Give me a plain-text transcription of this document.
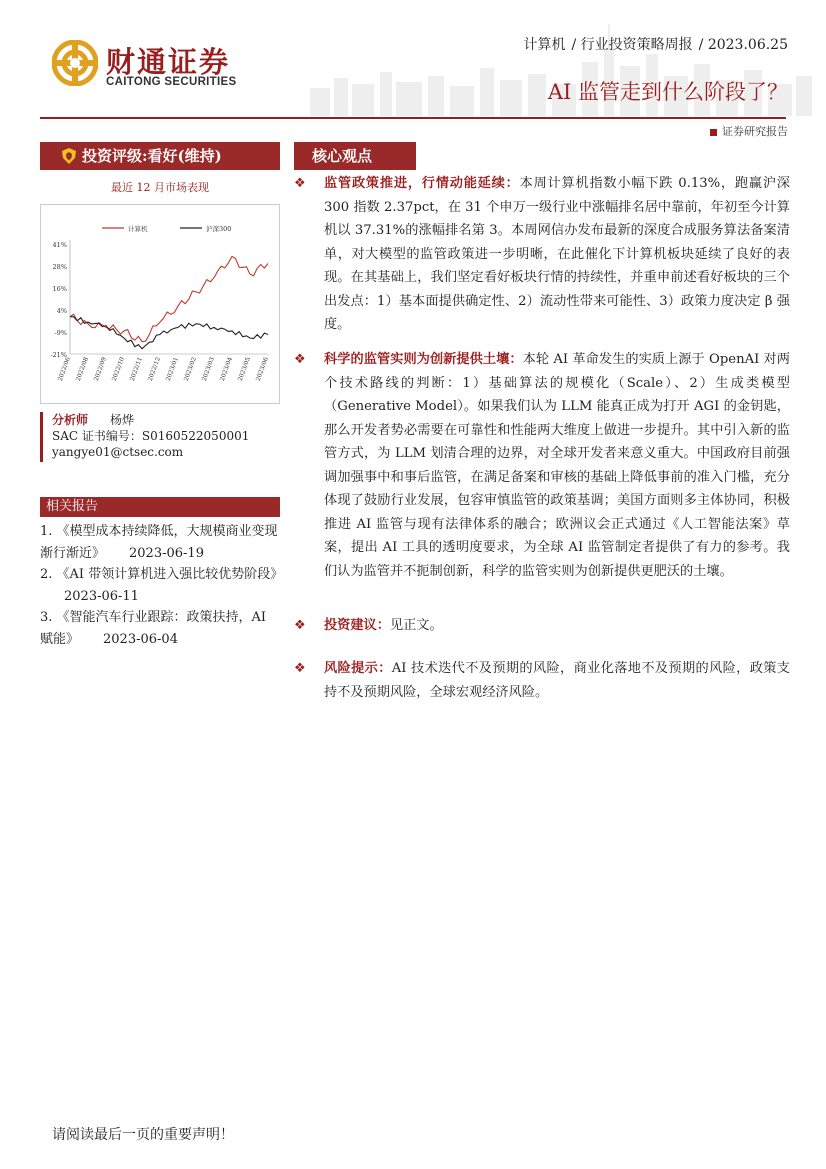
财通证券
CAITONG SECURITIES
计算机 / 行业投资策略周报 / 2023.06.25
AI 监管走到什么阶段了？
证券研究报告
投资评级:看好(维持)
最近 12 月市场表现
41%
28%
16%
4%
-9%
-21%
2022/06 2022/08 2022/09 2022/10 2022/11 2022/12 2023/01 2023/02 2023/03 2023/04 2023/05 2023/06
计算机	沪深300
分析师 杨烨
SAC 证书编号：S0160522050001
yangye01@ctsec.com
相关报告
1. 《模型成本持续降低，大规模商业变现渐行渐近》 2023-06-19
2. 《AI 带领计算机进入强比较优势阶段》2023-06-11
3. 《智能汽车行业跟踪：政策扶持，AI 赋能》 2023-06-04
核心观点
❖ 监管政策推进，行情动能延续：本周计算机指数小幅下跌 0.13%，跑赢沪深 300 指数 2.37pct，在 31 个申万一级行业中涨幅排名居中靠前，年初至今计算机以 37.31%的涨幅排名第 3。本周网信办发布最新的深度合成服务算法备案清单，对大模型的监管政策进一步明晰，在此催化下计算机板块延续了良好的表现。在其基础上，我们坚定看好板块行情的持续性，并重申前述看好板块的三个出发点：1）基本面提供确定性、2）流动性带来可能性、3）政策力度决定 β 强度。
❖ 科学的监管实则为创新提供土壤：本轮 AI 革命发生的实质上源于 OpenAI 对两个技术路线的判断：1）基础算法的规模化（Scale）、2）生成类模型（Generative Model）。如果我们认为 LLM 能真正成为打开 AGI 的金钥匙，那么开发者势必需要在可靠性和性能两大维度上做进一步提升。其中引入新的监管方式，为 LLM 划清合理的边界，对全球开发者来意义重大。中国政府目前强调加强事中和事后监管，在满足备案和审核的基础上降低事前的准入门槛，充分体现了鼓励行业发展，包容审慎监管的政策基调；美国方面则多主体协同，积极推进 AI 监管与现有法律体系的融合；欧洲议会正式通过《人工智能法案》草案，提出 AI 工具的透明度要求，为全球 AI 监管制定者提供了有力的参考。我们认为监管并不扼制创新，科学的监管实则为创新提供更肥沃的土壤。
❖ 投资建议：见正文。
❖ 风险提示：AI 技术迭代不及预期的风险，商业化落地不及预期的风险，政策支持不及预期风险，全球宏观经济风险。
请阅读最后一页的重要声明！
